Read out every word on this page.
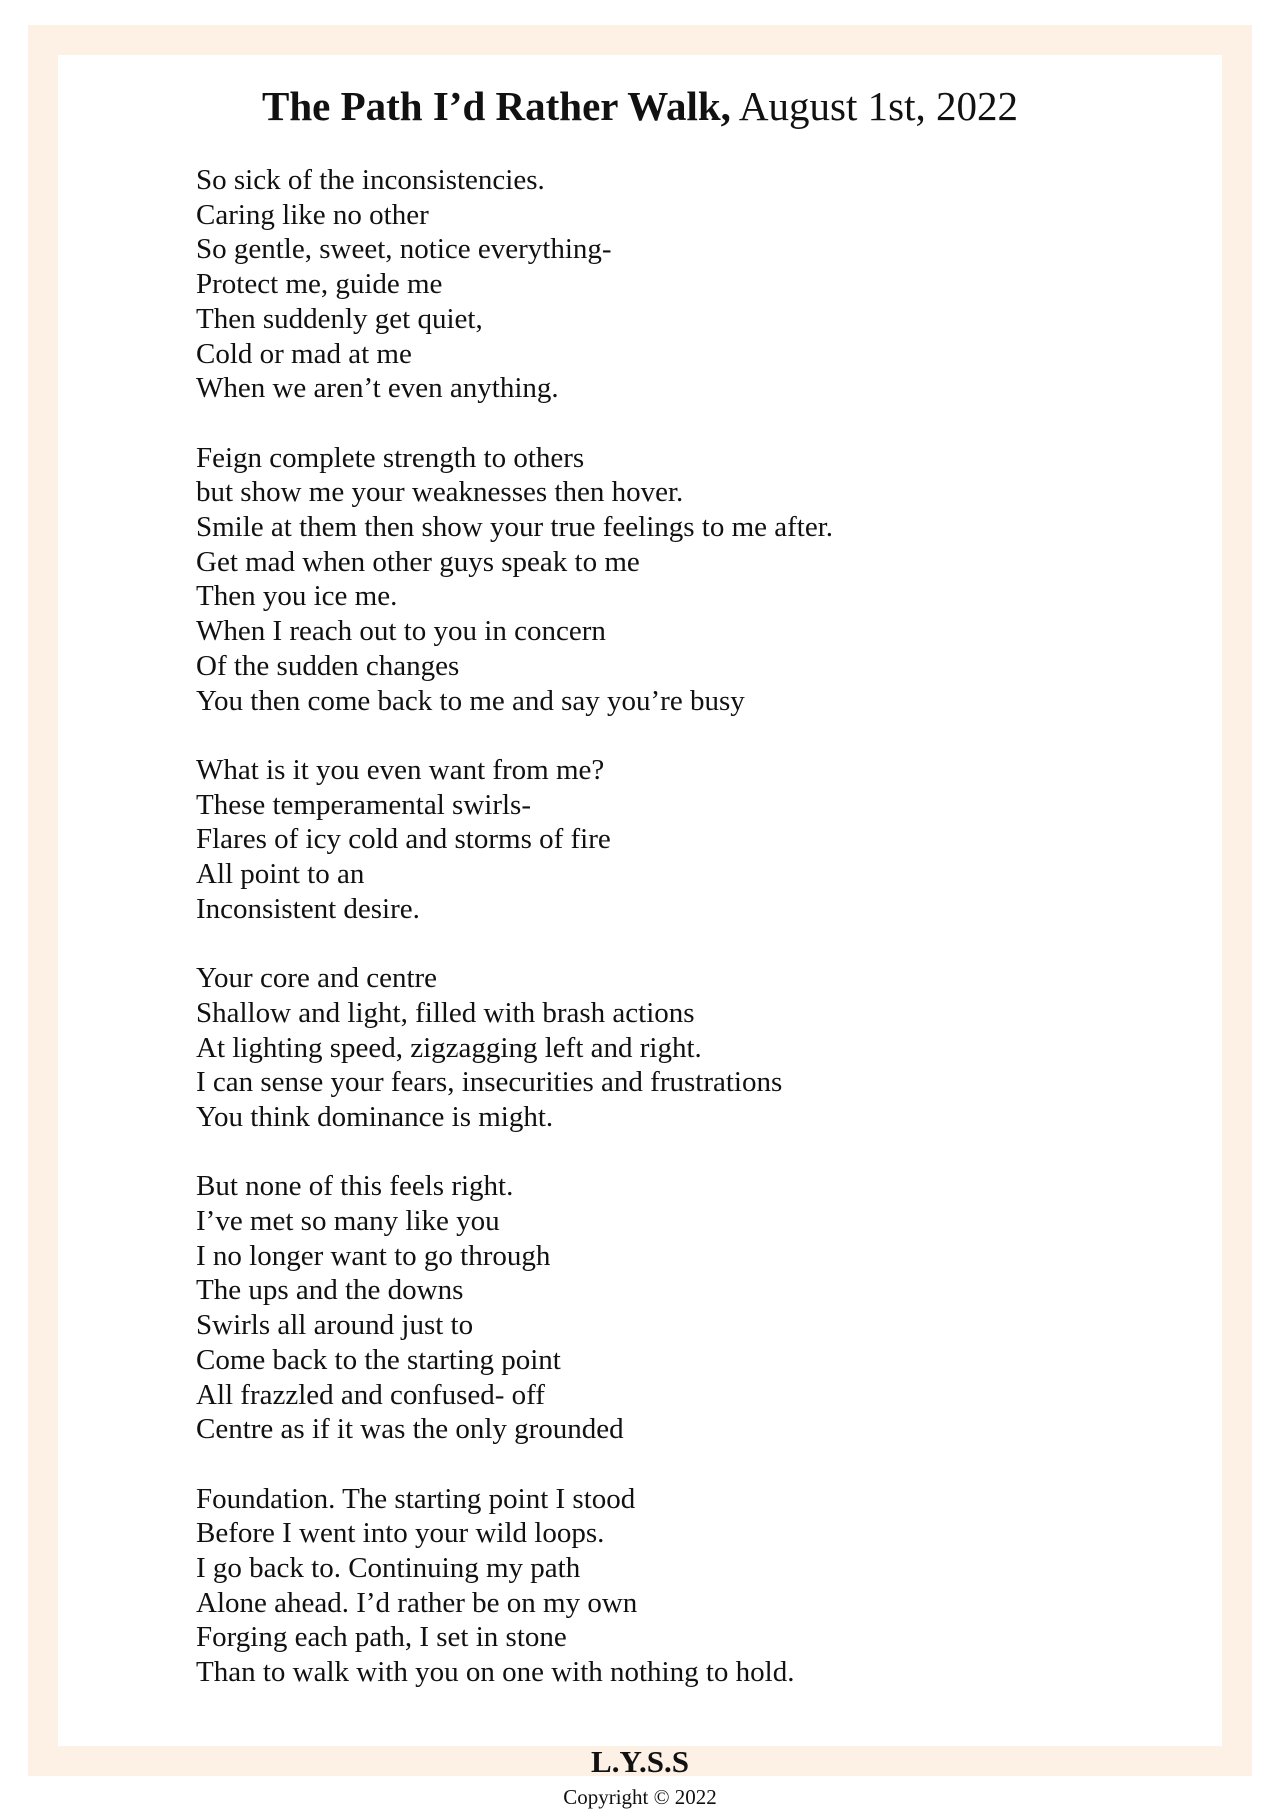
The Path I’d Rather Walk, August 1st, 2022
So sick of the inconsistencies.
Caring like no other
So gentle, sweet, notice everything-
Protect me, guide me
Then suddenly get quiet,
Cold or mad at me
When we aren’t even anything.
Feign complete strength to others
but show me your weaknesses then hover.
Smile at them then show your true feelings to me after.
Get mad when other guys speak to me
Then you ice me.
When I reach out to you in concern
Of the sudden changes
You then come back to me and say you’re busy
What is it you even want from me?
These temperamental swirls-
Flares of icy cold and storms of fire
All point to an
Inconsistent desire.
Your core and centre
Shallow and light, filled with brash actions
At lighting speed, zigzagging left and right.
I can sense your fears, insecurities and frustrations
You think dominance is might.
But none of this feels right.
I’ve met so many like you
I no longer want to go through
The ups and the downs
Swirls all around just to
Come back to the starting point
All frazzled and confused- off
Centre as if it was the only grounded
Foundation. The starting point I stood
Before I went into your wild loops.
I go back to. Continuing my path
Alone ahead. I’d rather be on my own
Forging each path, I set in stone
Than to walk with you on one with nothing to hold.
L.Y.S.S
Copyright © 2022
